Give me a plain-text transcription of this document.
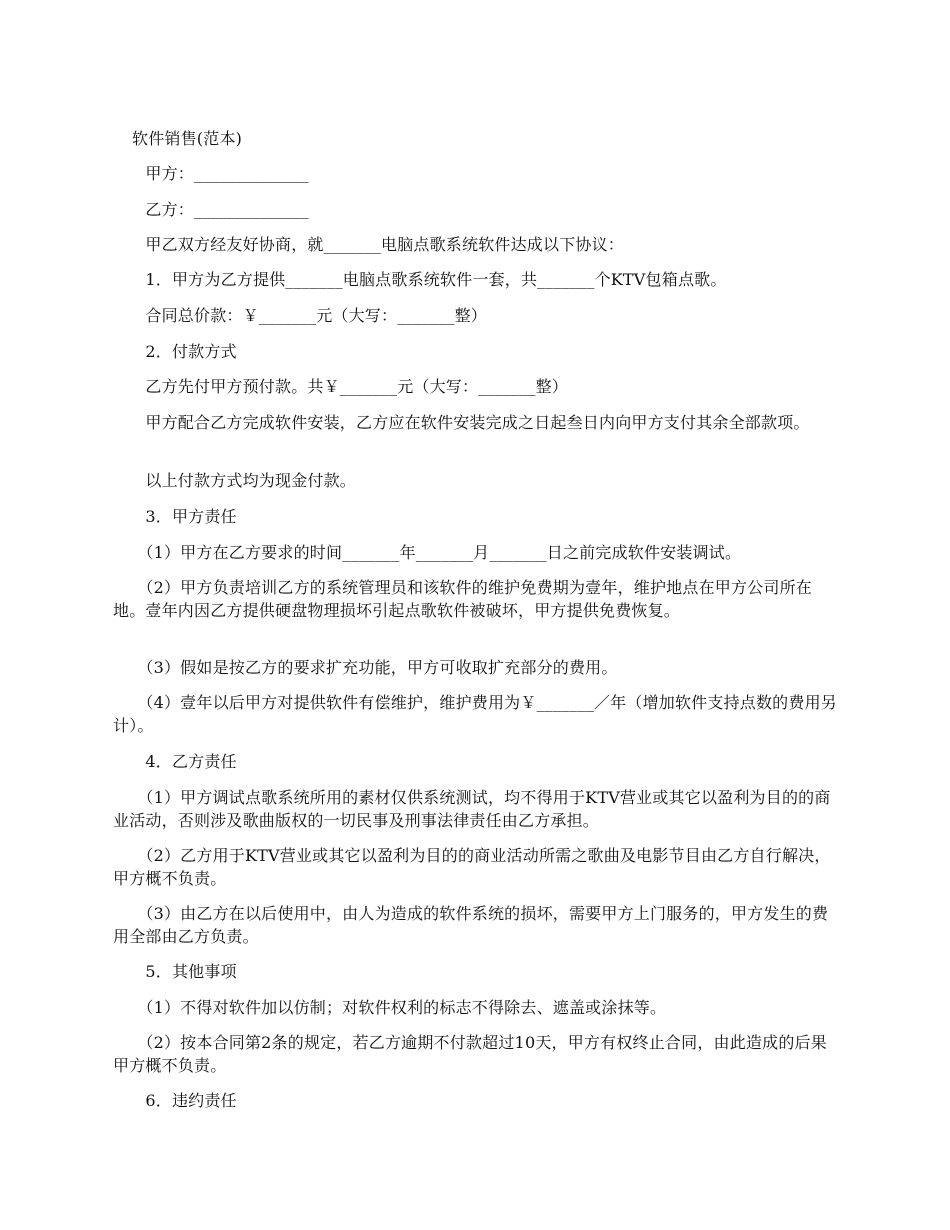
软件销售(范本)
　　甲方：______________
　　乙方：______________
　　甲乙双方经友好协商，就_______电脑点歌系统软件达成以下协议：
　　1．甲方为乙方提供_______电脑点歌系统软件一套，共_______个KTV包箱点歌。
　　合同总价款：￥_______元（大写：_______整）
　　2．付款方式
　　乙方先付甲方预付款。共￥_______元（大写：_______整）
　　甲方配合乙方完成软件安装，乙方应在软件安装完成之日起叁日内向甲方支付其余全部款项。
　　以上付款方式均为现金付款。
　　3．甲方责任
　　（1）甲方在乙方要求的时间_______年_______月_______日之前完成软件安装调试。
　　（2）甲方负责培训乙方的系统管理员和该软件的维护免费期为壹年，维护地点在甲方公司所在地。壹年内因乙方提供硬盘物理损坏引起点歌软件被破坏，甲方提供免费恢复。
　　（3）假如是按乙方的要求扩充功能，甲方可收取扩充部分的费用。
　　（4）壹年以后甲方对提供软件有偿维护，维护费用为￥_______／年（增加软件支持点数的费用另计）。
　　4．乙方责任
　　（1）甲方调试点歌系统所用的素材仅供系统测试，均不得用于KTV营业或其它以盈利为目的的商业活动，否则涉及歌曲版权的一切民事及刑事法律责任由乙方承担。
　　（2）乙方用于KTV营业或其它以盈利为目的的商业活动所需之歌曲及电影节目由乙方自行解决，甲方概不负责。
　　（3）由乙方在以后使用中，由人为造成的软件系统的损坏，需要甲方上门服务的，甲方发生的费用全部由乙方负责。
　　5．其他事项
　　（1）不得对软件加以仿制；对软件权利的标志不得除去、遮盖或涂抹等。
　　（2）按本合同第2条的规定，若乙方逾期不付款超过10天，甲方有权终止合同，由此造成的后果甲方概不负责。
　　6．违约责任
